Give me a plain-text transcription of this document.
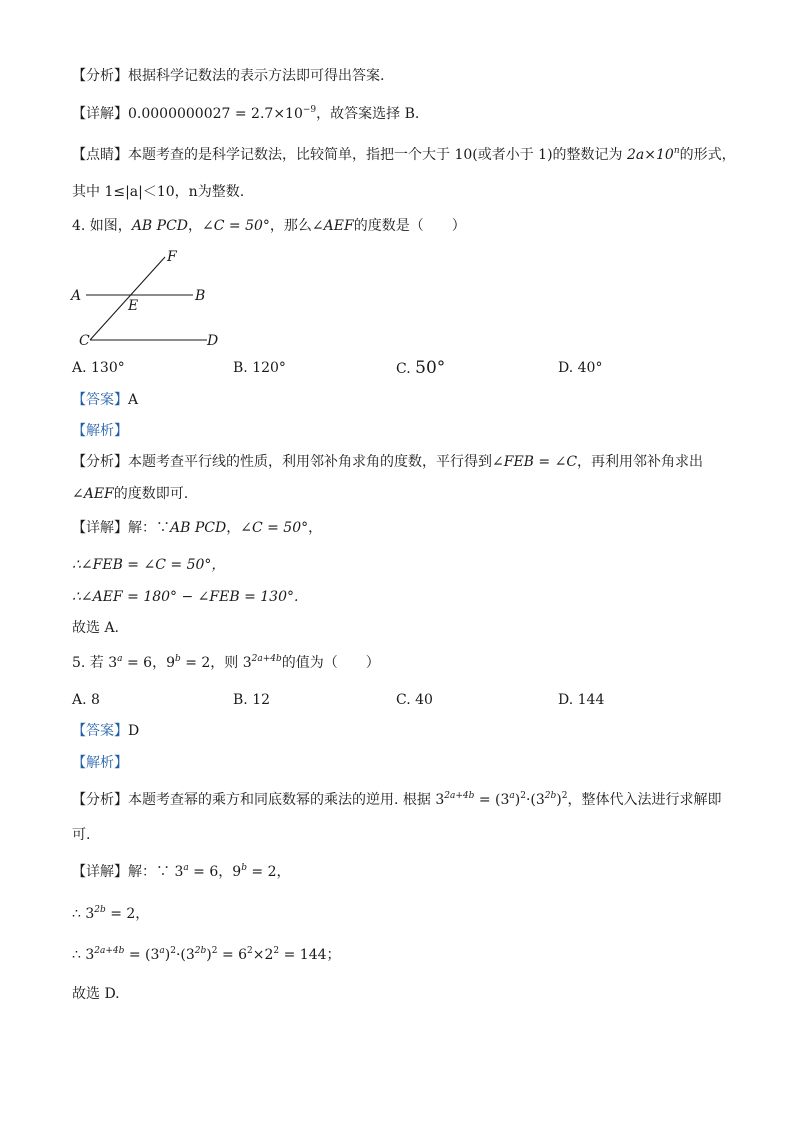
【分析】根据科学记数法的表示方法即可得出答案.
【详解】$0.0000000027 = 2.7\times 10^{-9}$，故答案选择 B.
【点睛】本题考查的是科学记数法，比较简单，指把一个大于 10(或者小于 1)的整数记为 $2a\times 10^n$的形式，
其中 1≤|a|＜10，n为整数.
4. 如图，AB PCD，∠C = 50°，那么∠AEF的度数是（　　）
F
A	B
E
C	D
A. 130°	B. 120°	C. 50°	D. 40°
【答案】A
【解析】
【分析】本题考查平行线的性质，利用邻补角求角的度数，平行得到∠FEB = ∠C，再利用邻补角求出
∠AEF的度数即可.
【详解】解：∵AB PCD，∠C = 50°，
∴∠FEB = ∠C = 50°，
∴∠AEF = 180° − ∠FEB = 130°.
故选 A.
5. 若 $3^a = 6$，$9^b = 2$，则 $3^{2a+4b}$的值为（　　）
A. 8	B. 12	C. 40	D. 144
【答案】D
【解析】
【分析】本题考查幂的乘方和同底数幂的乘法的逆用. 根据 $3^{2a+4b} = (3^a)^2\cdot(3^{2b})^2$，整体代入法进行求解即
可.
【详解】解：∵ $3^a = 6$，$9^b = 2$，
∴ $3^{2b} = 2$，
∴ $3^{2a+4b} = (3^a)^2\cdot(3^{2b})^2 = 6^2\times 2^2 = 144$；
故选 D.
